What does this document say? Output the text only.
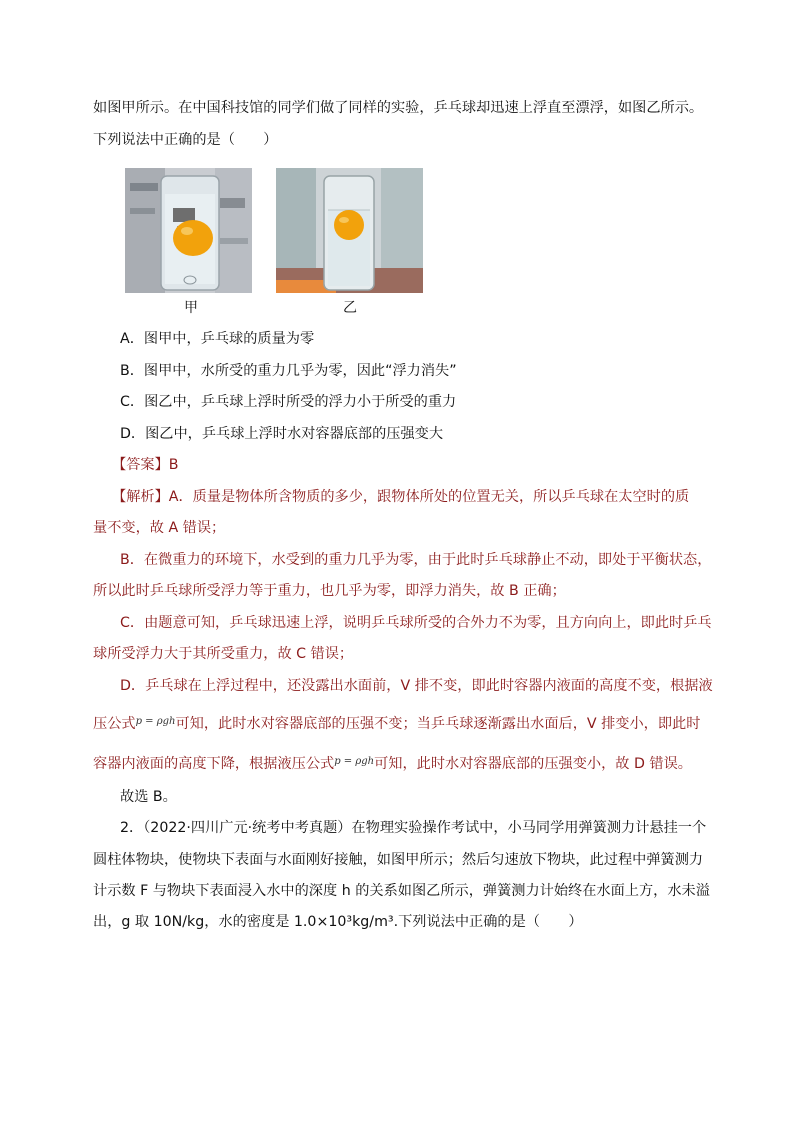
如图甲所示。在中国科技馆的同学们做了同样的实验，乒乓球却迅速上浮直至漂浮，如图乙所示。
下列说法中正确的是（　　）
甲	乙
A．图甲中，乒乓球的质量为零
B．图甲中，水所受的重力几乎为零，因此“浮力消失”
C．图乙中，乒乓球上浮时所受的浮力小于所受的重力
D．图乙中，乒乓球上浮时水对容器底部的压强变大
【答案】B
【解析】A．质量是物体所含物质的多少，跟物体所处的位置无关，所以乒乓球在太空时的质
量不变，故 A 错误；
B．在微重力的环境下，水受到的重力几乎为零，由于此时乒乓球静止不动，即处于平衡状态，
所以此时乒乓球所受浮力等于重力，也几乎为零，即浮力消失，故 B 正确；
C．由题意可知，乒乓球迅速上浮，说明乒乓球所受的合外力不为零，且方向向上，即此时乒乓
球所受浮力大于其所受重力，故 C 错误；
D．乒乓球在上浮过程中，还没露出水面前，V 排不变，即此时容器内液面的高度不变，根据液
压公式$^{p = \rho gh}$可知，此时水对容器底部的压强不变；当乒乓球逐渐露出水面后，V 排变小，即此时
容器内液面的高度下降，根据液压公式$^{p = \rho gh}$可知，此时水对容器底部的压强变小，故 D 错误。
故选 B。
2．（2022·四川广元·统考中考真题）在物理实验操作考试中，小马同学用弹簧测力计悬挂一个
圆柱体物块，使物块下表面与水面刚好接触，如图甲所示；然后匀速放下物块，此过程中弹簧测力
计示数 F 与物块下表面浸入水中的深度 h 的关系如图乙所示，弹簧测力计始终在水面上方，水未溢
出，g 取 10N/kg，水的密度是 1.0×10³kg/m³.下列说法中正确的是（　　）
